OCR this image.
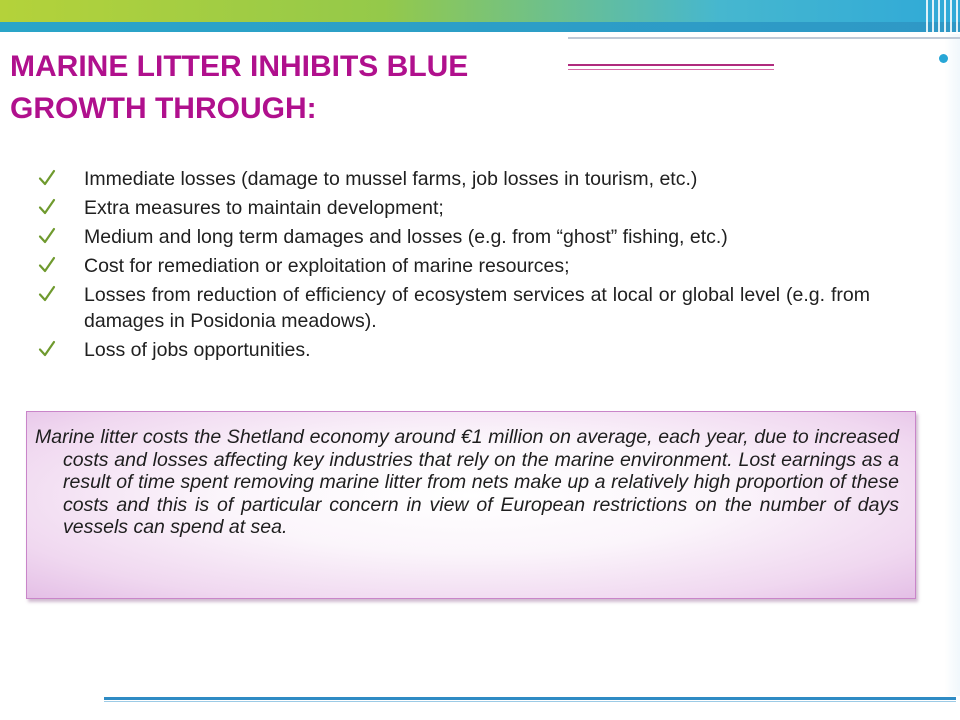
MARINE LITTER INHIBITS BLUE
GROWTH THROUGH:
Immediate losses (damage to mussel farms, job losses in tourism, etc.)
Extra measures to maintain development;
Medium and long term damages and losses (e.g. from “ghost” fishing, etc.)
Cost for remediation or exploitation of marine resources;
Losses from reduction of efficiency of ecosystem services at local or global level (e.g. from damages in Posidonia meadows).
Loss of jobs opportunities.
Marine litter costs the Shetland economy around €1 million on average, each year, due to increased costs and losses affecting key industries that rely on the marine environment. Lost earnings as a result of time spent removing marine litter from nets make up a relatively high proportion of these costs and this is of particular concern in view of European restrictions on the number of days vessels can spend at sea.
